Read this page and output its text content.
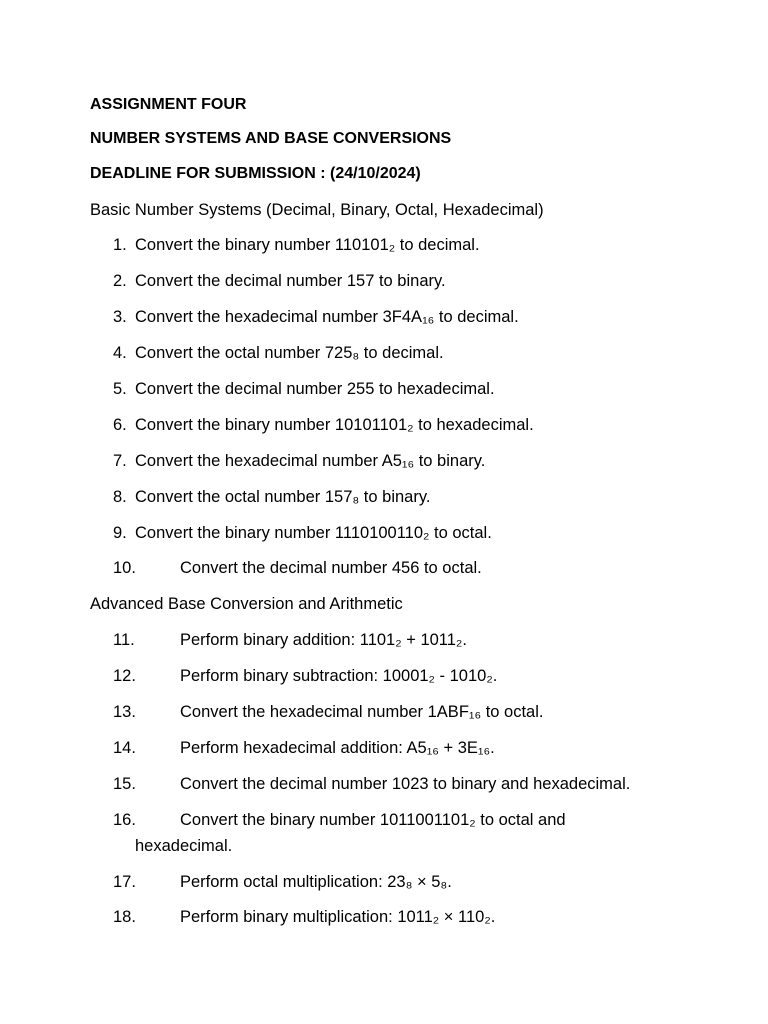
ASSIGNMENT FOUR
NUMBER SYSTEMS AND BASE CONVERSIONS
DEADLINE FOR SUBMISSION : (24/10/2024)
Basic Number Systems (Decimal, Binary, Octal, Hexadecimal)
1. Convert the binary number 110101₂ to decimal.
2. Convert the decimal number 157 to binary.
3. Convert the hexadecimal number 3F4A₁₆ to decimal.
4. Convert the octal number 725₈ to decimal.
5. Convert the decimal number 255 to hexadecimal.
6. Convert the binary number 10101101₂ to hexadecimal.
7. Convert the hexadecimal number A5₁₆ to binary.
8. Convert the octal number 157₈ to binary.
9. Convert the binary number 1110100110₂ to octal.
10.	Convert the decimal number 456 to octal.
Advanced Base Conversion and Arithmetic
11.	Perform binary addition: 1101₂ + 1011₂.
12.	Perform binary subtraction: 10001₂ - 1010₂.
13.	Convert the hexadecimal number 1ABF₁₆ to octal.
14.	Perform hexadecimal addition: A5₁₆ + 3E₁₆.
15.	Convert the decimal number 1023 to binary and hexadecimal.
16.	Convert the binary number 1011001101₂ to octal and
hexadecimal.
17.	Perform octal multiplication: 23₈ × 5₈.
18.	Perform binary multiplication: 1011₂ × 110₂.
